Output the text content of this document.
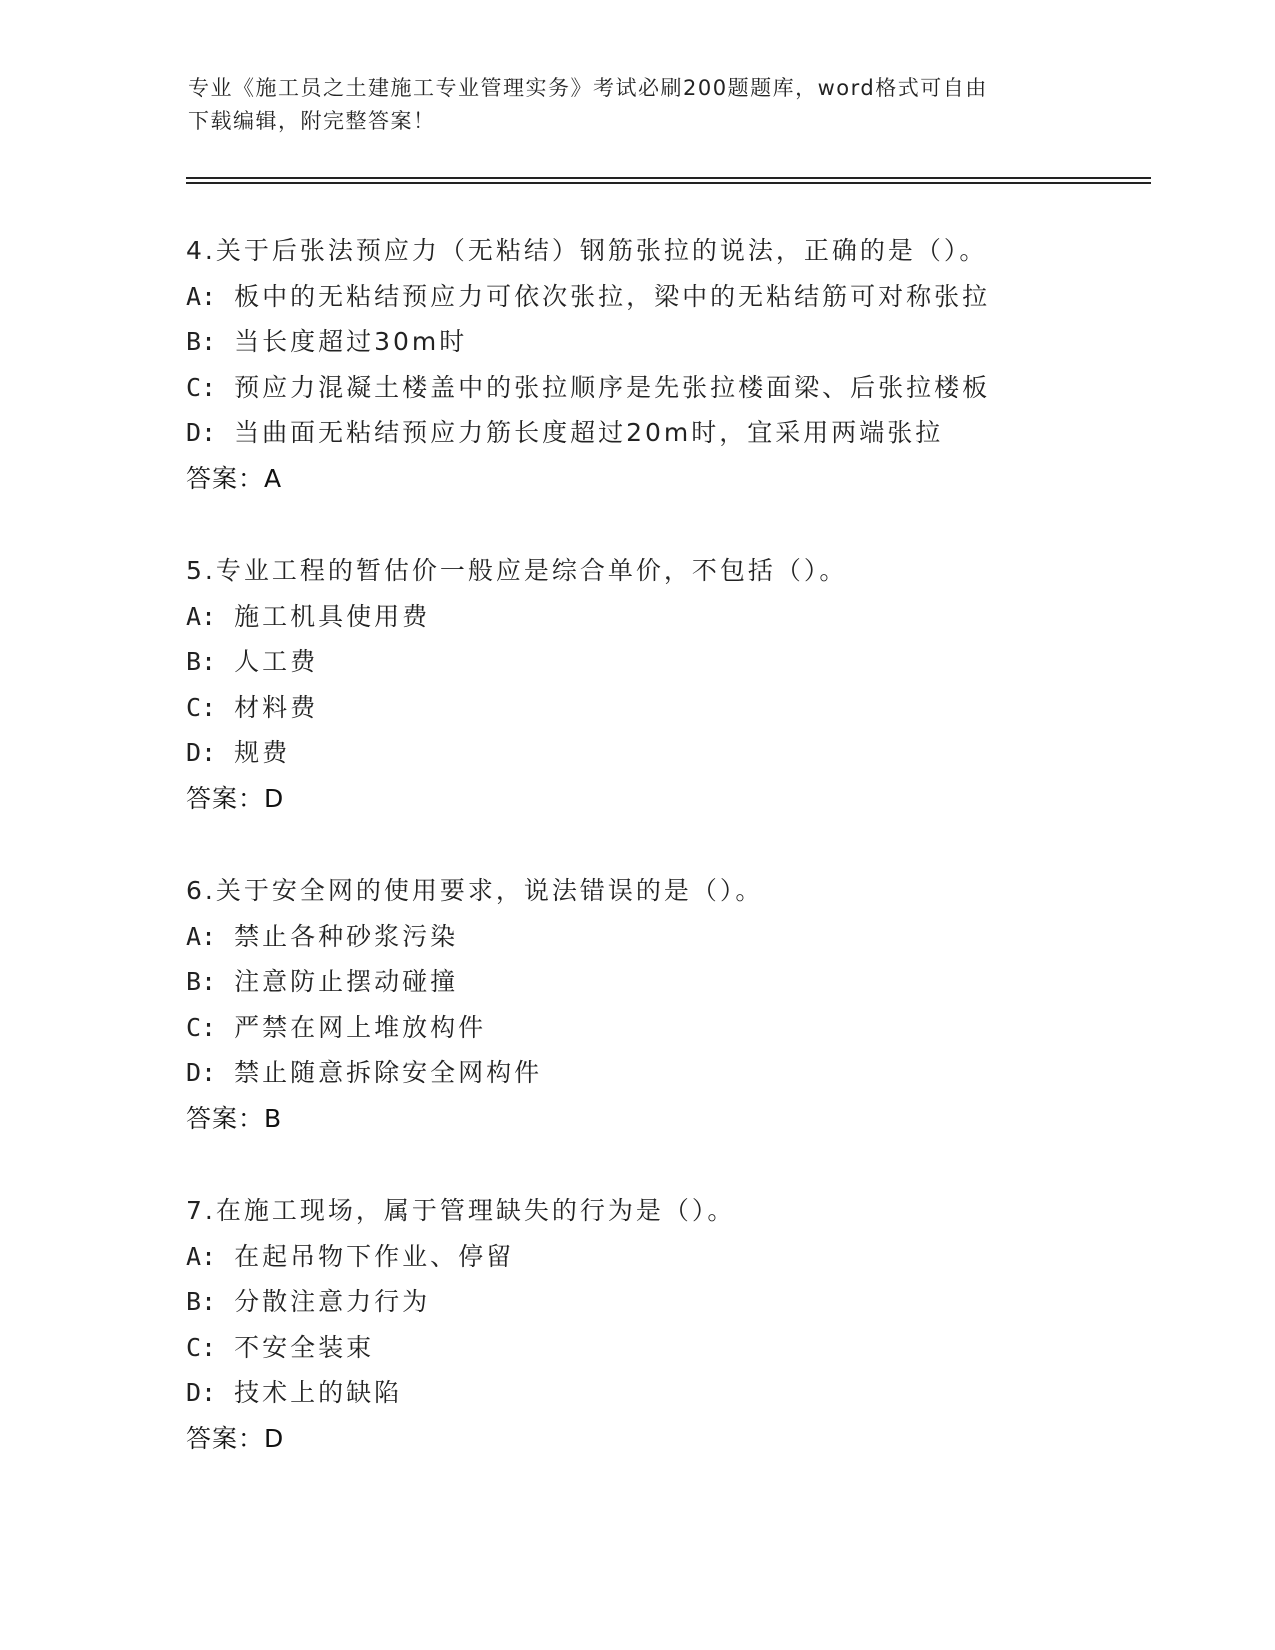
专业《施工员之土建施工专业管理实务》考试必刷200题题库，word格式可自由
下载编辑，附完整答案！
4.关于后张法预应力（无粘结）钢筋张拉的说法，正确的是（）。
A: 板中的无粘结预应力可依次张拉，梁中的无粘结筋可对称张拉
B: 当长度超过30m时
C: 预应力混凝土楼盖中的张拉顺序是先张拉楼面梁、后张拉楼板
D: 当曲面无粘结预应力筋长度超过20m时，宜采用两端张拉
答案：A
5.专业工程的暂估价一般应是综合单价，不包括（）。
A: 施工机具使用费
B: 人工费
C: 材料费
D: 规费
答案：D
6.关于安全网的使用要求，说法错误的是（）。
A: 禁止各种砂浆污染
B: 注意防止摆动碰撞
C: 严禁在网上堆放构件
D: 禁止随意拆除安全网构件
答案：B
7.在施工现场，属于管理缺失的行为是（）。
A: 在起吊物下作业、停留
B: 分散注意力行为
C: 不安全装束
D: 技术上的缺陷
答案：D
